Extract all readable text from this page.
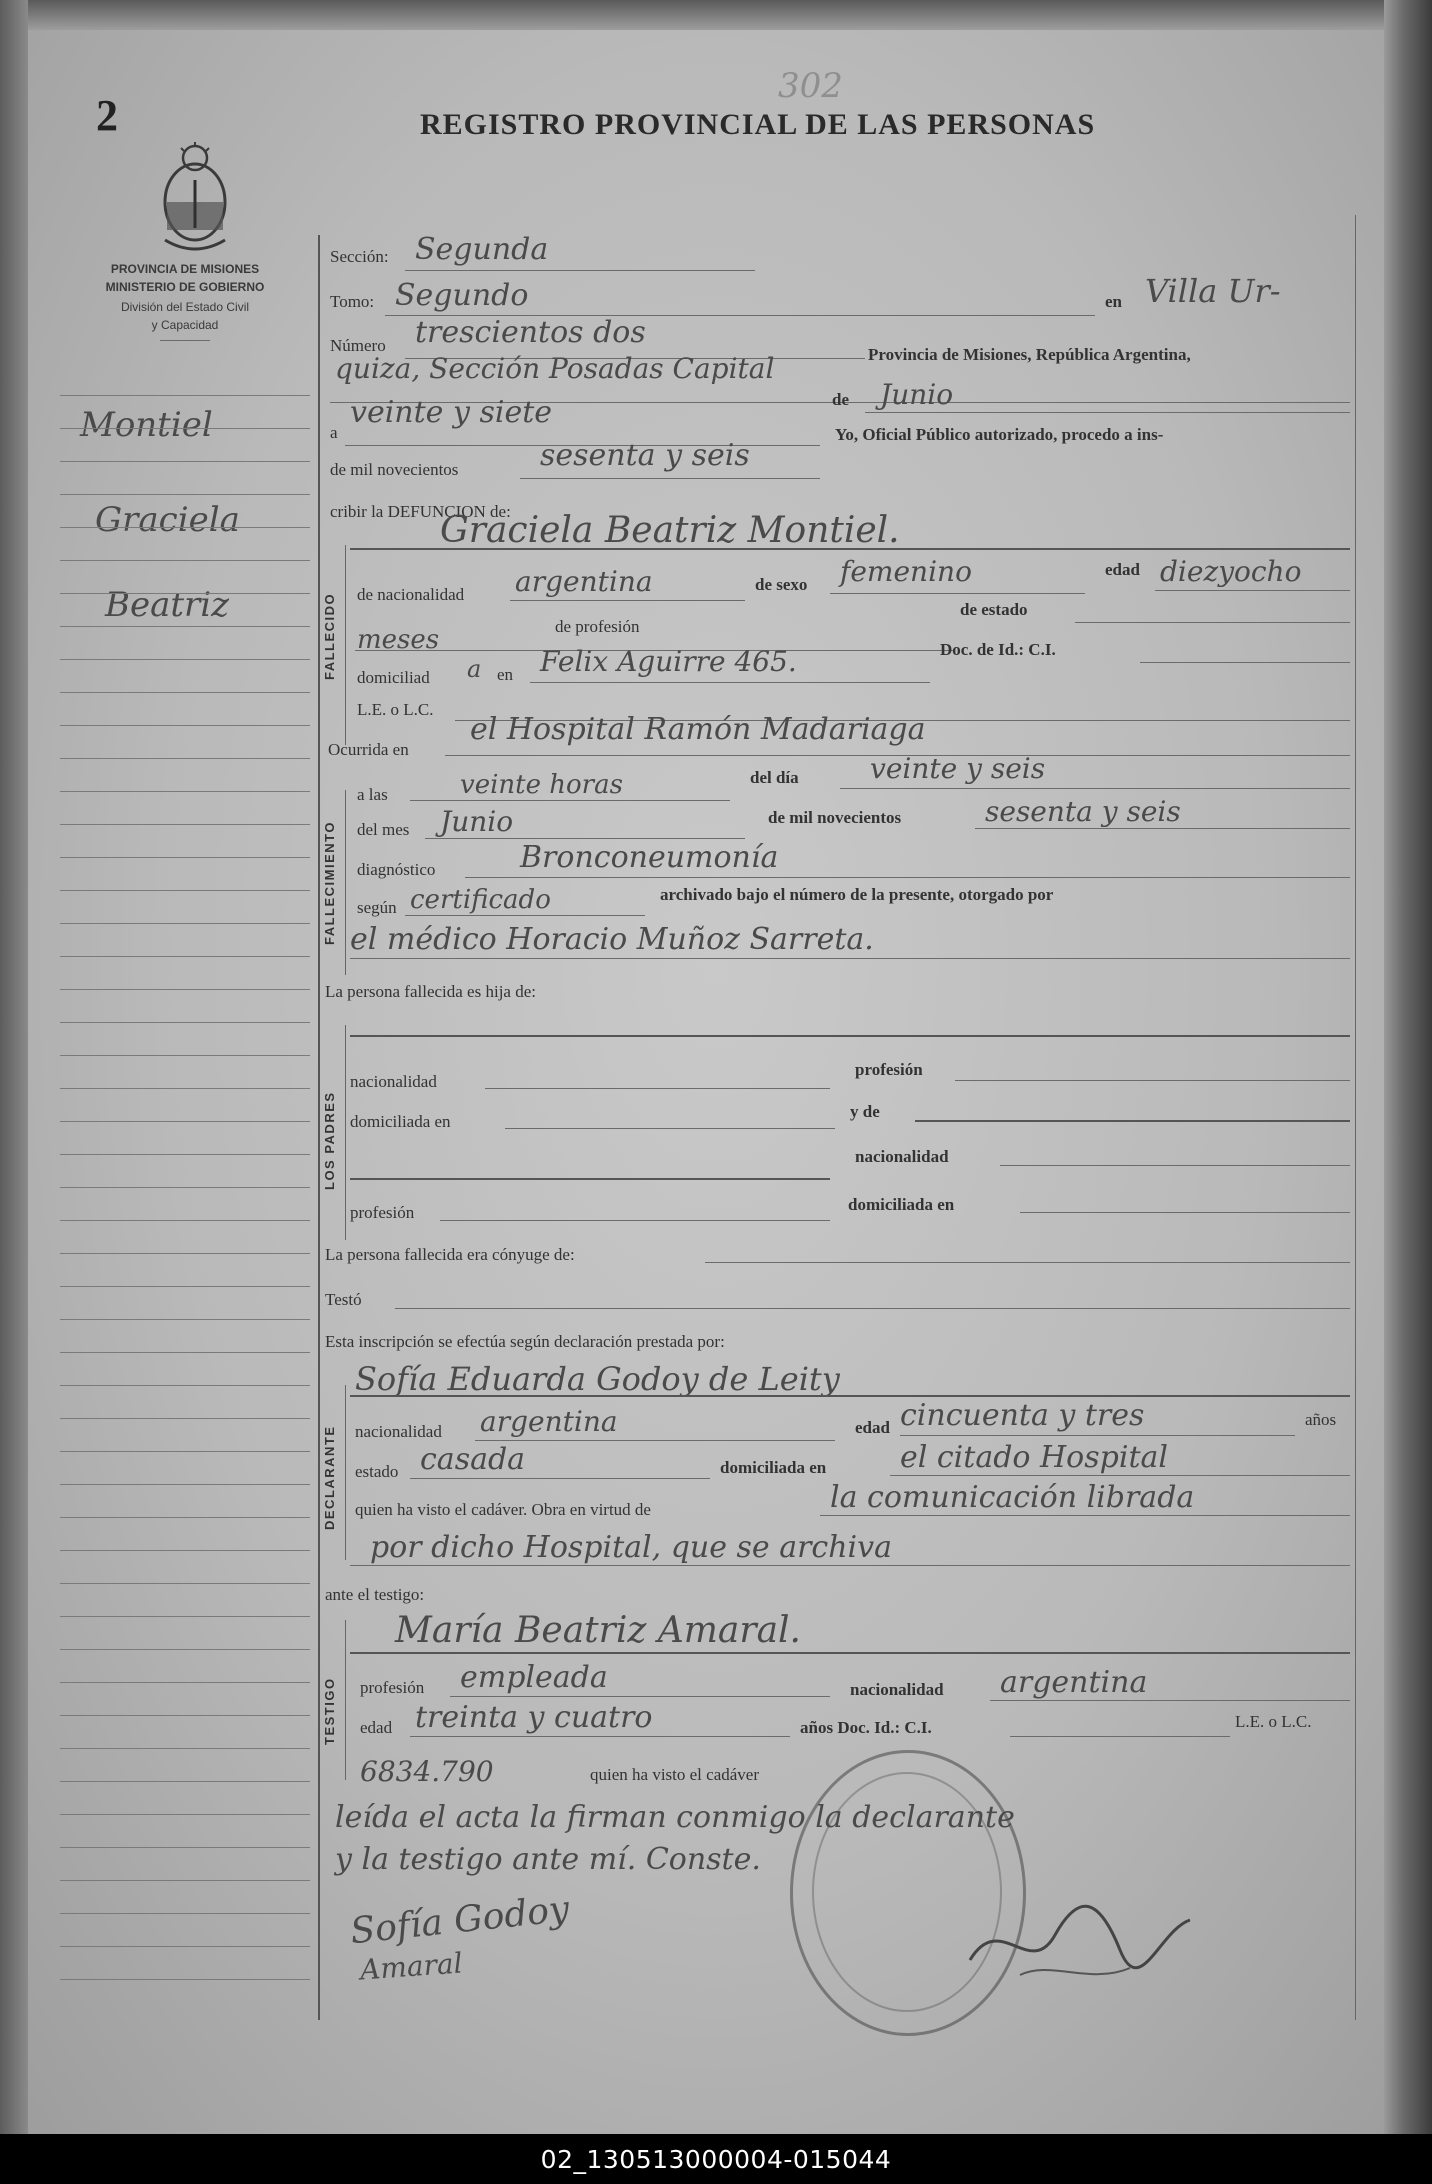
2
302
REGISTRO PROVINCIAL DE LAS PERSONAS
PROVINCIA DE MISIONES
MINISTERIO DE GOBIERNO
División del Estado Civil
y Capacidad
Montiel
Graciela
Beatriz	FALLECIDO
FALLECIMIENTO
LOS PADRES
DECLARANTE
TESTIGO
Sección: Segunda
Tomo: Segundo	en Villa Ur-
Número trescientos dos
quiza, Sección Posadas Capital	Provincia de Misiones, República Argentina,
a
veinte y siete	de Junio
de mil novecientos	sesenta y seis
Yo, Oficial Público autorizado, procedo a ins-
cribir la DEFUNCION de:
Graciela Beatriz Montiel.
de nacionalidad argentina	de sexo femenino	edad diezyocho
meses	de profesión
de estado
domiciliad a en Felix Aguirre 465.	Doc. de Id.: C.I.
L.E. o L.C.
Ocurrida en
el Hospital Ramón Madariaga
a las	veinte horas	del día	veinte y seis
del mes Junio	de mil novecientos	sesenta y seis
diagnóstico	Bronconeumonía
según certificado	archivado bajo el número de la presente, otorgado por
el médico Horacio Muñoz Sarreta.
La persona fallecida es hija de:
nacionalidad
profesión
domiciliada en
y de
nacionalidad
profesión	domiciliada en
La persona fallecida era cónyuge de:
Testó
Esta inscripción se efectúa según declaración prestada por:
Sofía Eduarda Godoy de Leity
nacionalidad argentina	edad cincuenta y tres	años
estado casada	domiciliada en el citado Hospital
quien ha visto el cadáver. Obra en virtud de	la comunicación librada
por dicho Hospital, que se archiva
ante el testigo:
María Beatriz Amaral.
profesión empleada	nacionalidad argentina
edad treinta y cuatro	años Doc. Id.: C.I.	L.E. o L.C.
6834.790	quien ha visto el cadáver
leída el acta la firman conmigo la declarante
y la testigo ante mí. Conste.
Sofía Godoy
Amaral
02_130513000004-015044
